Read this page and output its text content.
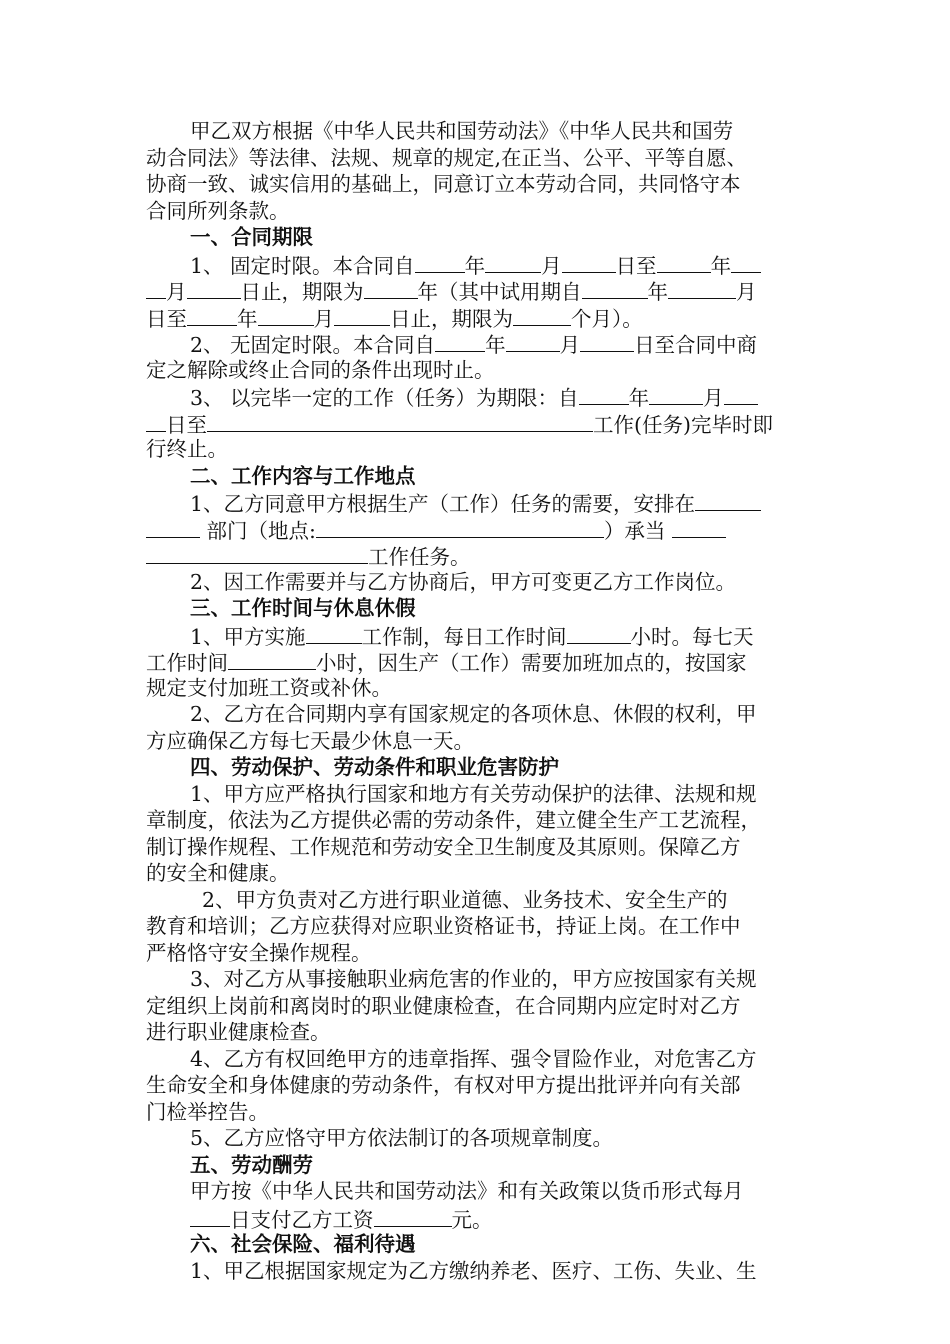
甲乙双方根据《中华人民共和国劳动法》《中华人民共和国劳
动合同法》等法律、法规、规章的规定,在正当、公平、平等自愿、
协商一致、诚实信用的基础上，同意订立本劳动合同，共同恪守本
合同所列条款。
一、合同期限
1、 固定时限。本合同自 年	月	日至	年
月	日止，期限为	年（其中试用期自	年	月
日至 年	月	日止，期限为	个月）。
2、 无固定时限。本合同自 年	月	日至合同中商
定之解除或终止合同的条件出现时止。
3、 以完毕一定的工作（任务）为期限：自 年	月
日至	工作(任务)完毕时即
行终止。
二、工作内容与工作地点
1、乙方同意甲方根据生产（工作）任务的需要，安排在
部门（地点:	）承当
工作任务。
2、因工作需要并与乙方协商后，甲方可变更乙方工作岗位。
三、工作时间与休息休假
1、甲方实施	工作制，每日工作时间	小时。每七天
工作时间	小时，因生产（工作）需要加班加点的，按国家
规定支付加班工资或补休。
2、乙方在合同期内享有国家规定的各项休息、休假的权利，甲
方应确保乙方每七天最少休息一天。
四、劳动保护、劳动条件和职业危害防护
1、甲方应严格执行国家和地方有关劳动保护的法律、法规和规
章制度，依法为乙方提供必需的劳动条件，建立健全生产工艺流程，
制订操作规程、工作规范和劳动安全卫生制度及其原则。保障乙方
的安全和健康。
2、甲方负责对乙方进行职业道德、业务技术、安全生产的
教育和培训；乙方应获得对应职业资格证书，持证上岗。在工作中
严格恪守安全操作规程。
3、对乙方从事接触职业病危害的作业的，甲方应按国家有关规
定组织上岗前和离岗时的职业健康检查，在合同期内应定时对乙方
进行职业健康检查。
4、乙方有权回绝甲方的违章指挥、强令冒险作业，对危害乙方
生命安全和身体健康的劳动条件，有权对甲方提出批评并向有关部
门检举控告。
5、乙方应恪守甲方依法制订的各项规章制度。
五、劳动酬劳
甲方按《中华人民共和国劳动法》和有关政策以货币形式每月
日支付乙方工资	元。
六、社会保险、福利待遇
1、甲乙根据国家规定为乙方缴纳养老、医疗、工伤、失业、生
